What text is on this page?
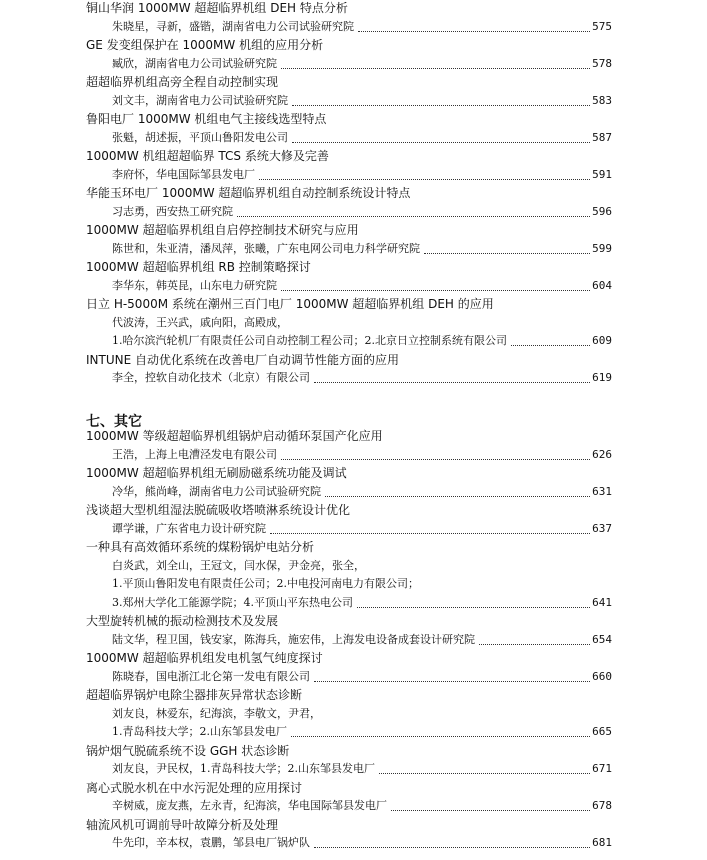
铜山华润 1000MW 超超临界机组 DEH 特点分析
朱晓星，寻新，盛锴，湖南省电力公司试验研究院	575
GE 发变组保护在 1000MW 机组的应用分析
臧欣，湖南省电力公司试验研究院	578
超超临界机组高旁全程自动控制实现
刘文丰，湖南省电力公司试验研究院	583
鲁阳电厂 1000MW 机组电气主接线选型特点
张魁，胡述振，平顶山鲁阳发电公司	587
1000MW 机组超超临界 TCS 系统大修及完善
李府怀，华电国际邹县发电厂	591
华能玉环电厂 1000MW 超超临界机组自动控制系统设计特点
习志勇，西安热工研究院	596
1000MW 超超临界机组自启停控制技术研究与应用
陈世和，朱亚清，潘凤萍，张曦，广东电网公司电力科学研究院	599
1000MW 超超临界机组 RB 控制策略探讨
李华东，韩英昆，山东电力研究院	604
日立 H-5000M 系统在潮州三百门电厂 1000MW 超超临界机组 DEH 的应用
代波涛，王兴武，戚向阳，高殿成，
1.哈尔滨汽轮机厂有限责任公司自动控制工程公司；2.北京日立控制系统有限公司	609
INTUNE 自动优化系统在改善电厂自动调节性能方面的应用
李全，控软自动化技术（北京）有限公司	619
七、其它
1000MW 等级超超临界机组锅炉启动循环泵国产化应用
王浩，上海上电漕泾发电有限公司	626
1000MW 超超临界机组无刷励磁系统功能及调试
冷华，熊尚峰，湖南省电力公司试验研究院	631
浅谈超大型机组湿法脱硫吸收塔喷淋系统设计优化
谭学谦，广东省电力设计研究院	637
一种具有高效循环系统的煤粉锅炉电站分析
白炎武，刘全山，王冠文，闫水保，尹金亮，张全，
1.平顶山鲁阳发电有限责任公司；2.中电投河南电力有限公司；
3.郑州大学化工能源学院；4.平顶山平东热电公司	641
大型旋转机械的振动检测技术及发展
陆文华，程卫国，钱安家，陈海兵，施宏伟，上海发电设备成套设计研究院	654
1000MW 超超临界机组发电机氢气纯度探讨
陈晓春，国电浙江北仑第一发电有限公司	660
超超临界锅炉电除尘器排灰异常状态诊断
刘友良，林爱东，纪海滨，李敬文，尹君，
1.青岛科技大学；2.山东邹县发电厂	665
锅炉烟气脱硫系统不设 GGH 状态诊断
刘友良，尹民权，1.青岛科技大学；2.山东邹县发电厂	671
离心式脱水机在中水污泥处理的应用探讨
辛树威，庞友燕，左永青，纪海滨，华电国际邹县发电厂	678
轴流风机可调前导叶故障分析及处理
牛先印，辛本权，袁鹏，邹县电厂锅炉队	681
